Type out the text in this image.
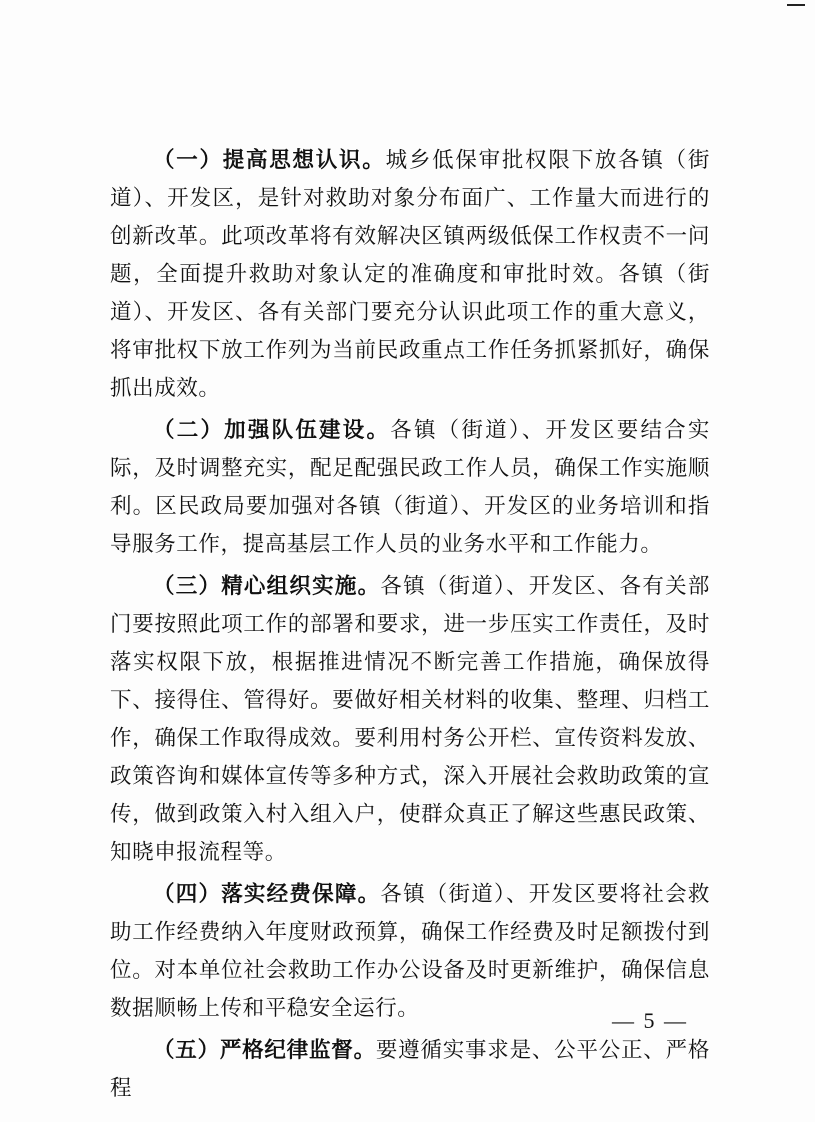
（一）提高思想认识。城乡低保审批权限下放各镇（街道）、开发区，是针对救助对象分布面广、工作量大而进行的创新改革。此项改革将有效解决区镇两级低保工作权责不一问题，全面提升救助对象认定的准确度和审批时效。各镇（街道）、开发区、各有关部门要充分认识此项工作的重大意义，将审批权下放工作列为当前民政重点工作任务抓紧抓好，确保抓出成效。

（二）加强队伍建设。各镇（街道）、开发区要结合实际，及时调整充实，配足配强民政工作人员，确保工作实施顺利。区民政局要加强对各镇（街道）、开发区的业务培训和指导服务工作，提高基层工作人员的业务水平和工作能力。

（三）精心组织实施。各镇（街道）、开发区、各有关部门要按照此项工作的部署和要求，进一步压实工作责任，及时落实权限下放，根据推进情况不断完善工作措施，确保放得下、接得住、管得好。要做好相关材料的收集、整理、归档工作，确保工作取得成效。要利用村务公开栏、宣传资料发放、政策咨询和媒体宣传等多种方式，深入开展社会救助政策的宣传，做到政策入村入组入户，使群众真正了解这些惠民政策、知晓申报流程等。

（四）落实经费保障。各镇（街道）、开发区要将社会救助工作经费纳入年度财政预算，确保工作经费及时足额拨付到位。对本单位社会救助工作办公设备及时更新维护，确保信息数据顺畅上传和平稳安全运行。

（五）严格纪律监督。要遵循实事求是、公平公正、严格程

— 5 —
